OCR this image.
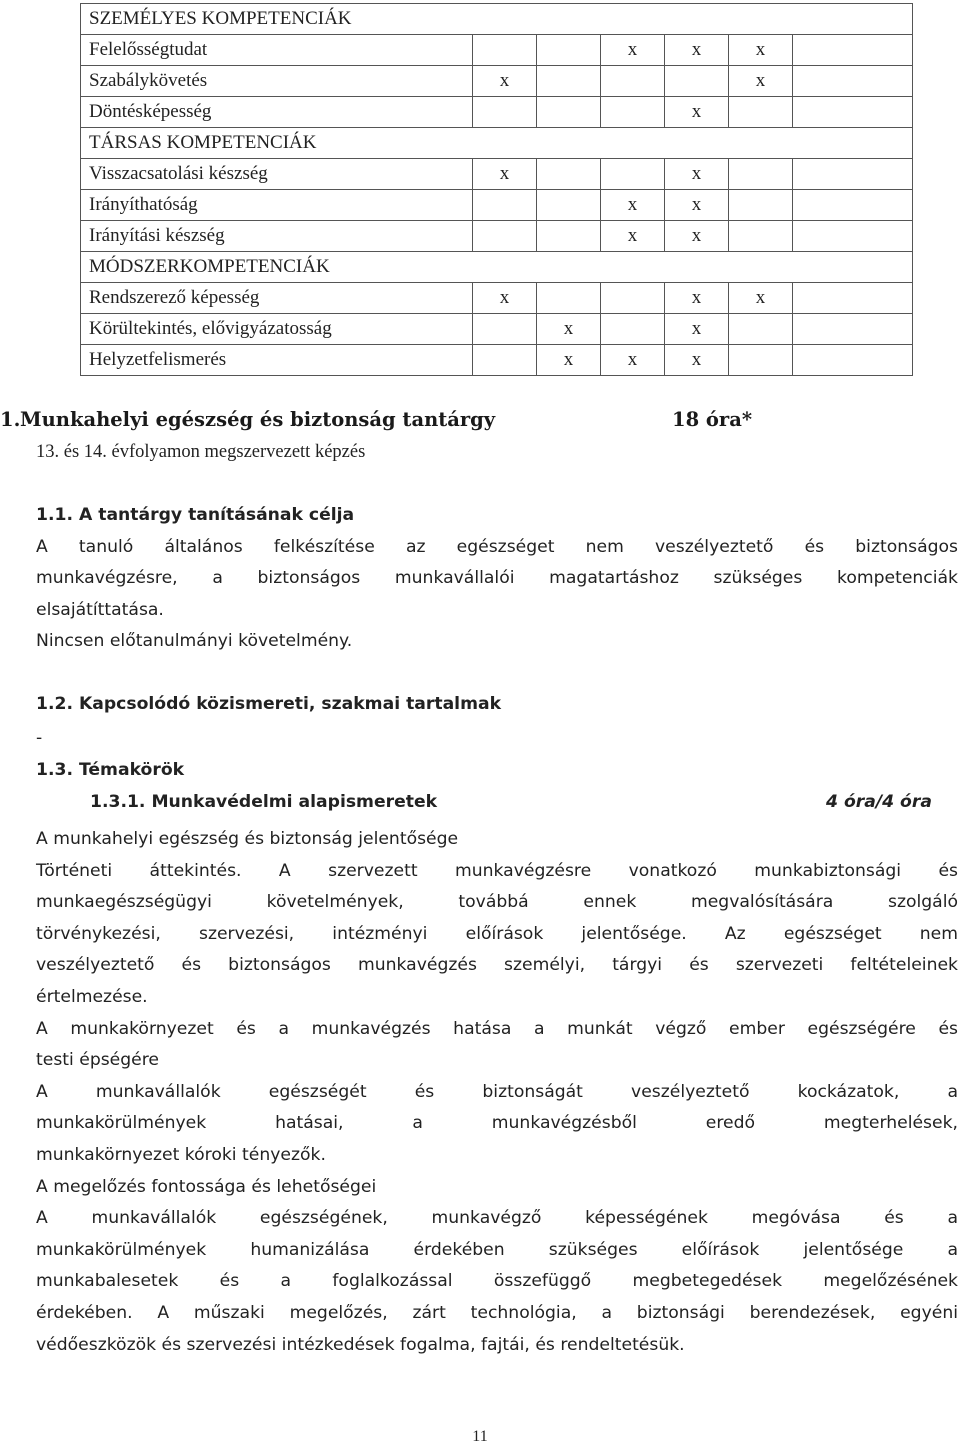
SZEMÉLYES KOMPETENCIÁK						
Felelősségtudat			x	x	x	
Szabálykövetés	x				x	
Döntésképesség				x		
TÁRSAS KOMPETENCIÁK						
Visszacsatolási készség	x			x		
Irányíthatóság			x	x		
Irányítási készség			x	x		
MÓDSZERKOMPETENCIÁK						
Rendszerező képesség	x			x	x	
Körültekintés, elővigyázatosság		x		x		
Helyzetfelismerés		x	x	x		
1. Munkahelyi egészség és biztonság tantárgy	18 óra*
13. és 14. évfolyamon megszervezett képzés
1.1. A tantárgy tanításának célja
A tanuló általános felkészítése az egészséget nem veszélyeztető és biztonságos
munkavégzésre, a biztonságos munkavállalói magatartáshoz szükséges kompetenciák
elsajátíttatása.
Nincsen előtanulmányi követelmény.
1.2. Kapcsolódó közismereti, szakmai tartalmak
-
1.3. Témakörök
1.3.1. Munkavédelmi alapismeretek	4 óra/4 óra
A munkahelyi egészség és biztonság jelentősége
Történeti áttekintés. A szervezett munkavégzésre vonatkozó munkabiztonsági és
munkaegészségügyi követelmények, továbbá ennek megvalósítására szolgáló
törvénykezési, szervezési, intézményi előírások jelentősége. Az egészséget nem
veszélyeztető és biztonságos munkavégzés személyi, tárgyi és szervezeti feltételeinek
értelmezése.
A munkakörnyezet és a munkavégzés hatása a munkát végző ember egészségére és
testi épségére
A munkavállalók egészségét és biztonságát veszélyeztető kockázatok, a
munkakörülmények hatásai, a munkavégzésből eredő megterhelések,
munkakörnyezet kóroki tényezők.
A megelőzés fontossága és lehetőségei
A munkavállalók egészségének, munkavégző képességének megóvása és a
munkakörülmények humanizálása érdekében szükséges előírások jelentősége a
munkabalesetek és a foglalkozással összefüggő megbetegedések megelőzésének
érdekében. A műszaki megelőzés, zárt technológia, a biztonsági berendezések, egyéni
védőeszközök és szervezési intézkedések fogalma, fajtái, és rendeltetésük.
11
